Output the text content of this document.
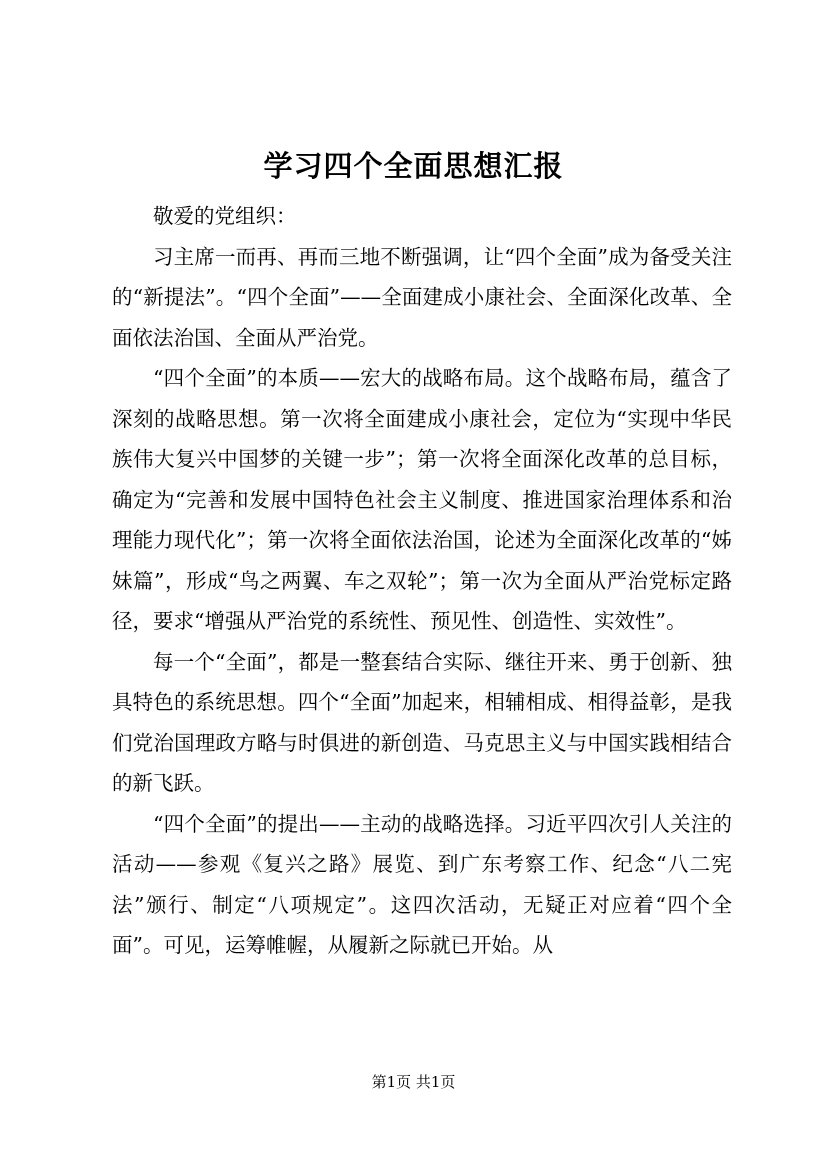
学习四个全面思想汇报

敬爱的党组织：

习主席一而再、再而三地不断强调，让“四个全面”成为备受关注的“新提法”。“四个全面”——全面建成小康社会、全面深化改革、全面依法治国、全面从严治党。

“四个全面”的本质——宏大的战略布局。这个战略布局，蕴含了深刻的战略思想。第一次将全面建成小康社会，定位为“实现中华民族伟大复兴中国梦的关键一步”；第一次将全面深化改革的总目标，确定为“完善和发展中国特色社会主义制度、推进国家治理体系和治理能力现代化”；第一次将全面依法治国，论述为全面深化改革的“姊妹篇”，形成“鸟之两翼、车之双轮”；第一次为全面从严治党标定路径，要求“增强从严治党的系统性、预见性、创造性、实效性”。

每一个“全面”，都是一整套结合实际、继往开来、勇于创新、独具特色的系统思想。四个“全面”加起来，相辅相成、相得益彰，是我们党治国理政方略与时俱进的新创造、马克思主义与中国实践相结合的新飞跃。

“四个全面”的提出——主动的战略选择。习近平四次引人关注的活动——参观《复兴之路》展览、到广东考察工作、纪念“八二宪法”颁行、制定“八项规定”。这四次活动，无疑正对应着“四个全面”。可见，运筹帷幄，从履新之际就已开始。从

第1页 共1页
